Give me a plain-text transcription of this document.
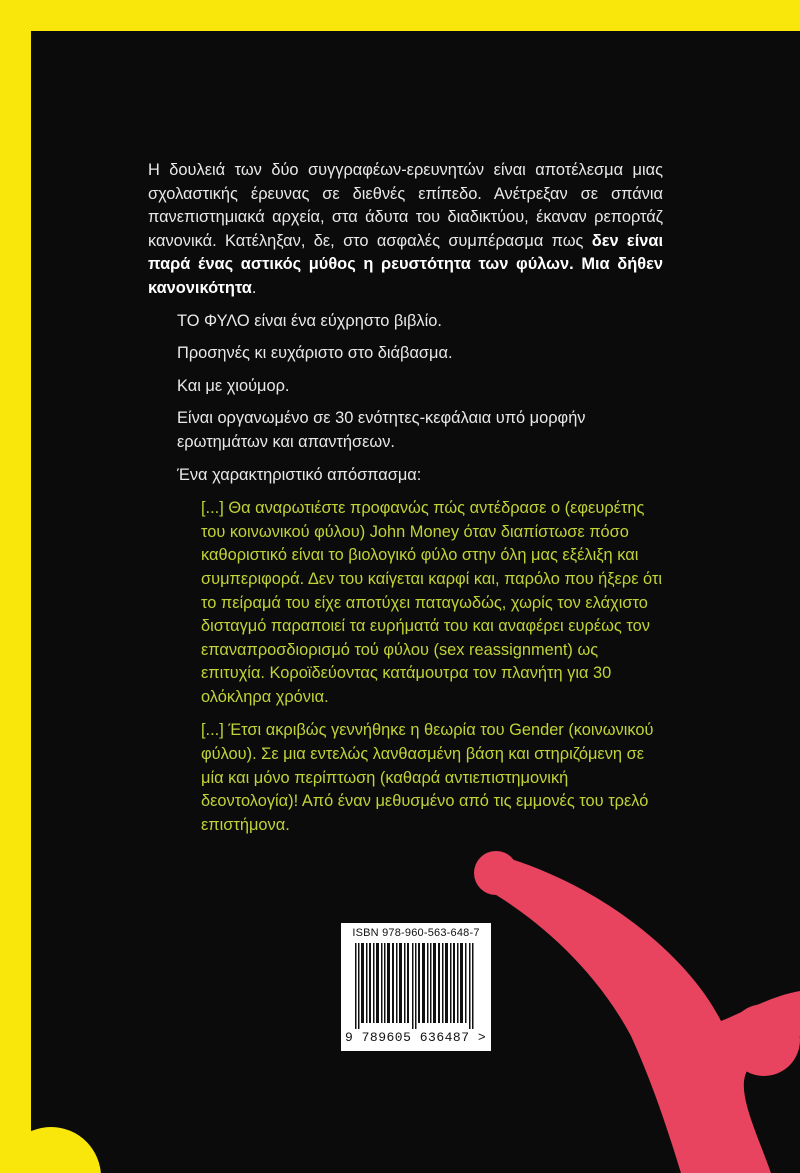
Η δουλειά των δύο συγγραφέων-ερευνητών είναι αποτέλεσμα μιας σχολαστικής έρευνας σε διεθνές επίπεδο. Ανέτρεξαν σε σπάνια πανεπιστημιακά αρχεία, στα άδυτα του διαδικτύου, έκαναν ρεπορτάζ κανονικά. Κατέληξαν, δε, στο ασφαλές συμπέρασμα πως δεν είναι παρά ένας αστικός μύθος η ρευστότητα των φύλων. Μια δήθεν κανονικότητα.

ΤΟ ΦΥΛΟ είναι ένα εύχρηστο βιβλίο.

Προσηνές κι ευχάριστο στο διάβασμα.

Και με χιούμορ.

Είναι οργανωμένο σε 30 ενότητες-κεφάλαια υπό μορφήν ερωτημάτων και απαντήσεων.

Ένα χαρακτηριστικό απόσπασμα:

[...] Θα αναρωτιέστε προφανώς πώς αντέδρασε ο (εφευρέτης του κοινωνικού φύλου) John Money όταν διαπίστωσε πόσο καθοριστικό είναι το βιολογικό φύλο στην όλη μας εξέλιξη και συμπεριφορά. Δεν του καίγεται καρφί και, παρόλο που ήξερε ότι το πείραμά του είχε αποτύχει παταγωδώς, χωρίς τον ελάχιστο δισταγμό παραποιεί τα ευρήματά του και αναφέρει ευρέως τον επαναπροσδιορισμό τού φύλου (sex reassignment) ως επιτυχία. Κοροϊδεύοντας κατάμουτρα τον πλανήτη για 30 ολόκληρα χρόνια.

[...] Έτσι ακριβώς γεννήθηκε η θεωρία του Gender (κοινωνικού φύλου). Σε μια εντελώς λανθασμένη βάση και στηριζόμενη σε μία και μόνο περίπτωση (καθαρά αντιεπιστημονική δεοντολογία)! Από έναν μεθυσμένο από τις εμμονές του τρελό επιστήμονα.

ISBN 978-960-563-648-7
9 789605 636487 >
